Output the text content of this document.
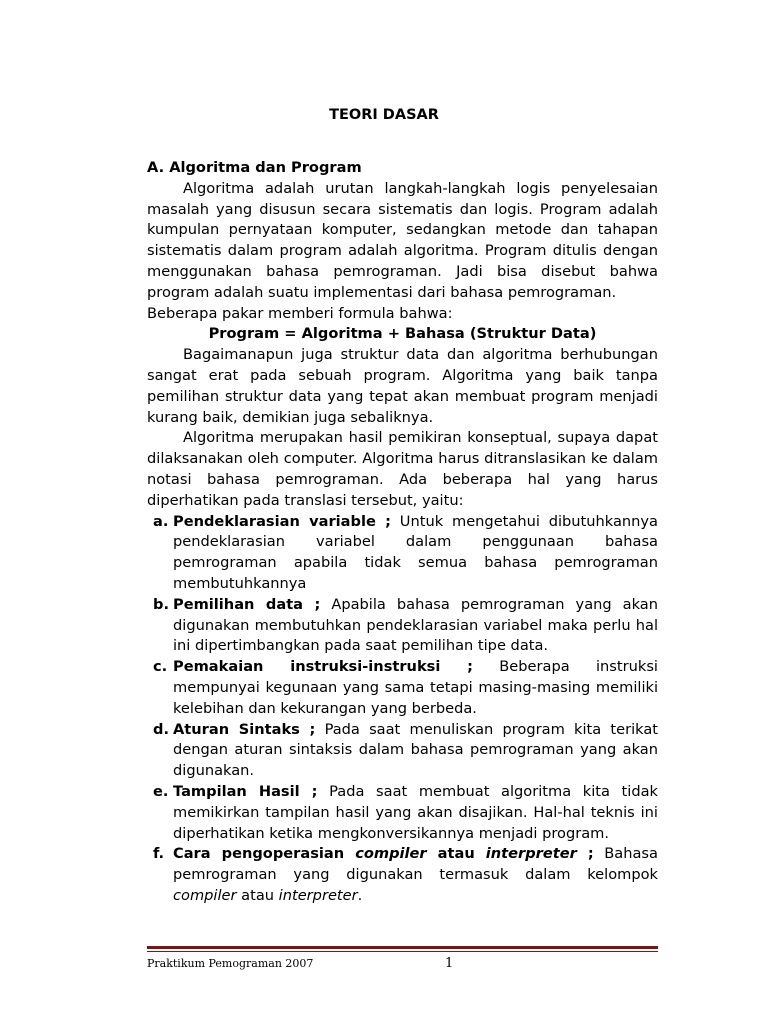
TEORI DASAR
A. Algoritma dan Program

Algoritma adalah urutan langkah-langkah logis penyelesaian masalah yang disusun secara sistematis dan logis. Program adalah kumpulan pernyataan komputer, sedangkan metode dan tahapan sistematis dalam program adalah algoritma. Program ditulis dengan menggunakan bahasa pemrograman. Jadi bisa disebut bahwa program adalah suatu implementasi dari bahasa pemrograman.

Beberapa pakar memberi formula bahwa:

Program = Algoritma + Bahasa (Struktur Data)

Bagaimanapun juga struktur data dan algoritma berhubungan sangat erat pada sebuah program. Algoritma yang baik tanpa pemilihan struktur data yang tepat akan membuat program menjadi kurang baik, demikian juga sebaliknya.

Algoritma merupakan hasil pemikiran konseptual, supaya dapat dilaksanakan oleh computer. Algoritma harus ditranslasikan ke dalam notasi bahasa pemrograman. Ada beberapa hal yang harus diperhatikan pada translasi tersebut, yaitu:

a. Pendeklarasian variable ; Untuk mengetahui dibutuhkannya pendeklarasian variabel dalam penggunaan bahasa pemrograman apabila tidak semua bahasa pemrograman membutuhkannya
b. Pemilihan data ; Apabila bahasa pemrograman yang akan digunakan membutuhkan pendeklarasian variabel maka perlu hal ini dipertimbangkan pada saat pemilihan tipe data.
c. Pemakaian instruksi-instruksi ; Beberapa instruksi mempunyai kegunaan yang sama tetapi masing-masing memiliki kelebihan dan kekurangan yang berbeda.
d. Aturan Sintaks ; Pada saat menuliskan program kita terikat dengan aturan sintaksis dalam bahasa pemrograman yang akan digunakan.
e. Tampilan Hasil ; Pada saat membuat algoritma kita tidak memikirkan tampilan hasil yang akan disajikan. Hal-hal teknis ini diperhatikan ketika mengkonversikannya menjadi program.
f. Cara pengoperasian compiler atau interpreter ; Bahasa pemrograman yang digunakan termasuk dalam kelompok compiler atau interpreter.
Praktikum Pemograman 2007	1
